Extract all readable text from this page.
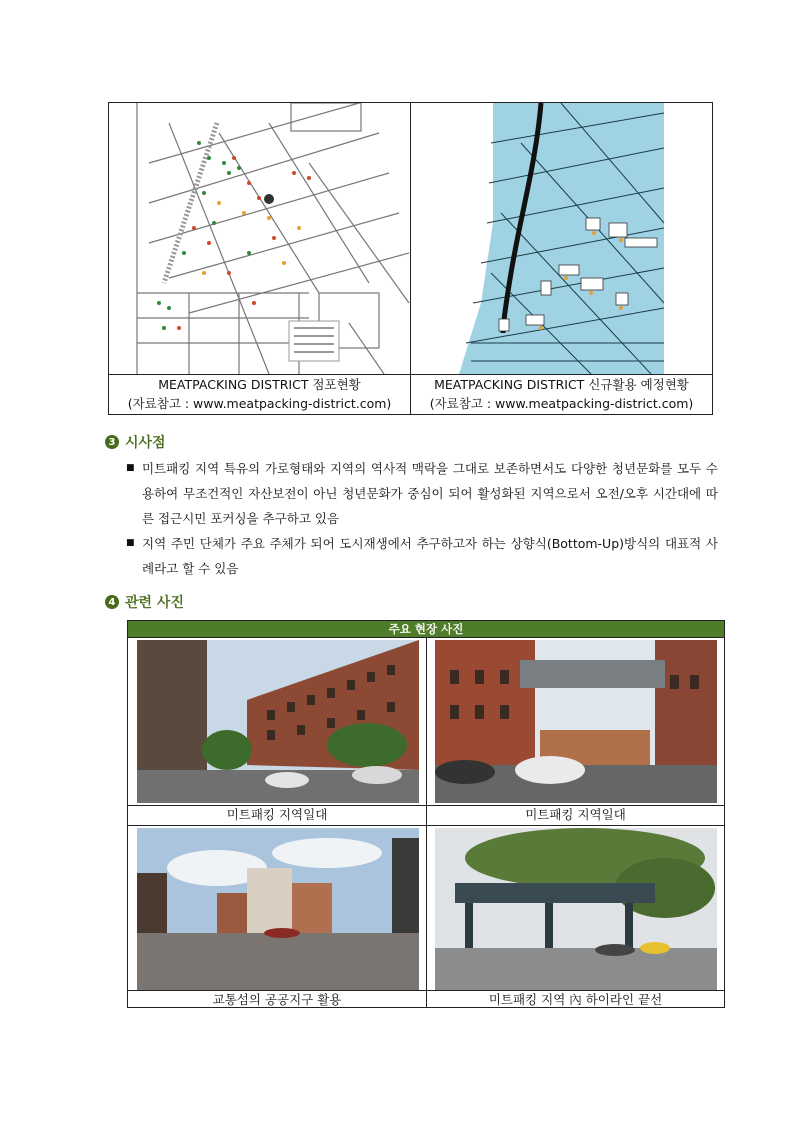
MEATPACKING DISTRICT 점포현황
(자료참고 : www.meatpacking-district.com)
MEATPACKING DISTRICT 신규활용 예정현황
(자료참고 : www.meatpacking-district.com)
3 시사점
■ 미트패킹 지역 특유의 가로형태와 지역의 역사적 맥락을 그대로 보존하면서도 다양한 청년문화를 모두 수용하여 무조건적인 자산보전이 아닌 청년문화가 중심이 되어 활성화된 지역으로서 오전/오후 시간대에 따른 접근시민 포커싱을 추구하고 있음
■ 지역 주민 단체가 주요 주체가 되어 도시재생에서 추구하고자 하는 상향식(Bottom-Up)방식의 대표적 사례라고 할 수 있음
4 관련 사진
주요 현장 사진
미트패킹 지역일대	미트패킹 지역일대
교통섬의 공공지구 활용	미트패킹 지역 內 하이라인 끝선
